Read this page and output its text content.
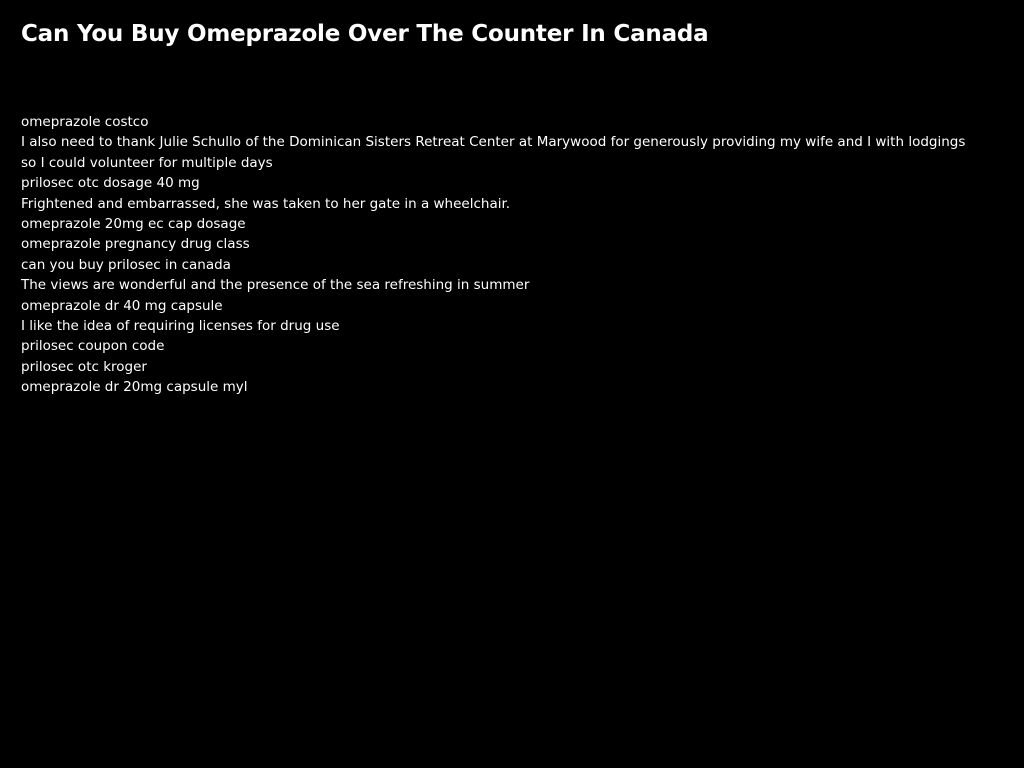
Can You Buy Omeprazole Over The Counter In Canada
omeprazole costco
I also need to thank Julie Schullo of the Dominican Sisters Retreat Center at Marywood for generously providing my wife and I with lodgings
so I could volunteer for multiple days
prilosec otc dosage 40 mg
Frightened and embarrassed, she was taken to her gate in a wheelchair.
omeprazole 20mg ec cap dosage
omeprazole pregnancy drug class
can you buy prilosec in canada
The views are wonderful and the presence of the sea refreshing in summer
omeprazole dr 40 mg capsule
I like the idea of requiring licenses for drug use
prilosec coupon code
prilosec otc kroger
omeprazole dr 20mg capsule myl
